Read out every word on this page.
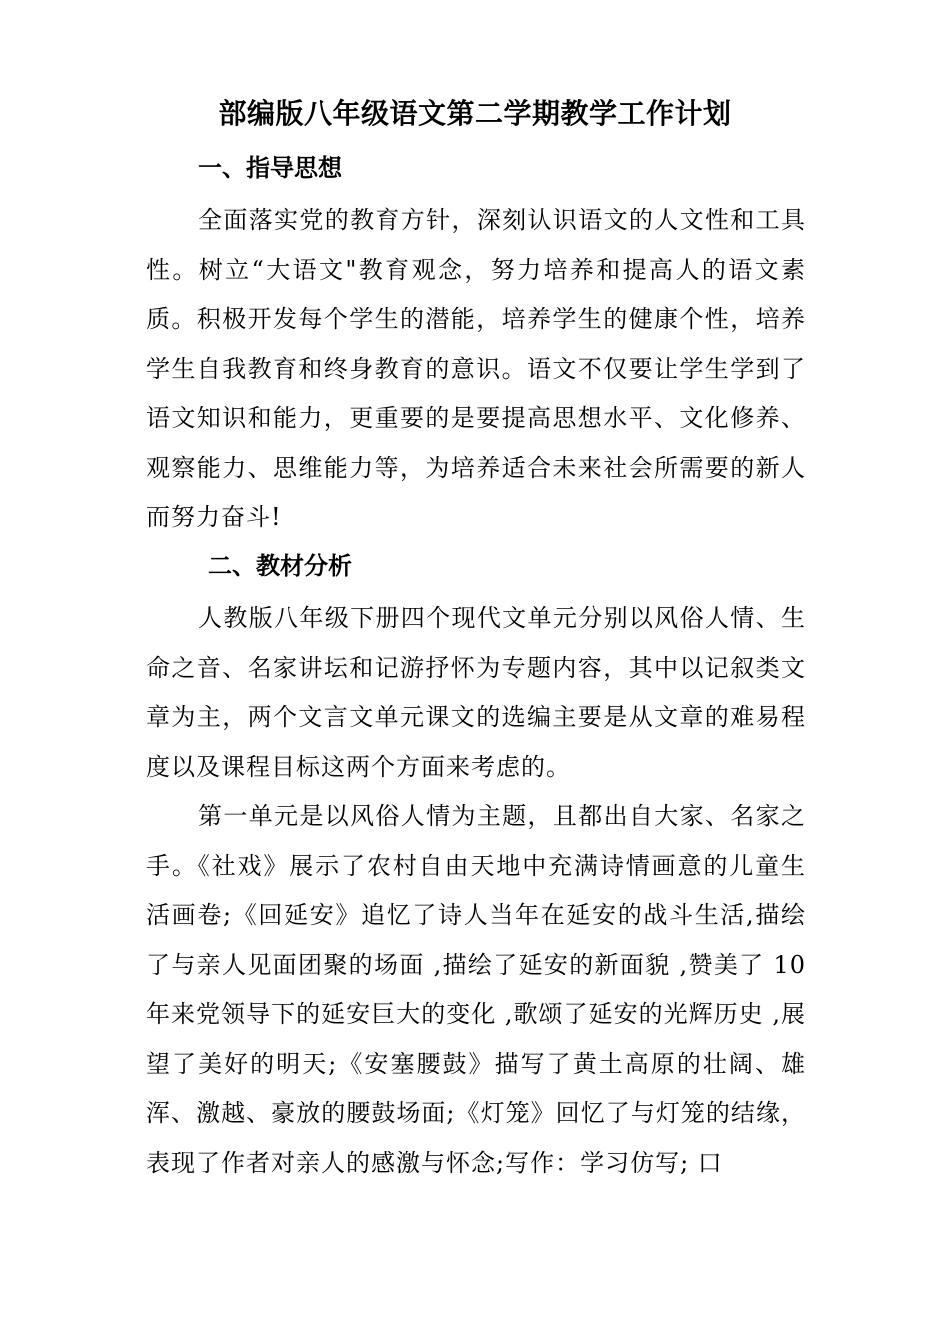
部编版八年级语文第二学期教学工作计划
一、指导思想

全面落实党的教育方针，深刻认识语文的人文性和工具性。树立“大语文"教育观念，努力培养和提高人的语文素质。积极开发每个学生的潜能，培养学生的健康个性，培养学生自我教育和终身教育的意识。语文不仅要让学生学到了语文知识和能力，更重要的是要提高思想水平、文化修养、观察能力、思维能力等，为培养适合未来社会所需要的新人而努力奋斗!

二、教材分析

人教版八年级下册四个现代文单元分别以风俗人情、生命之音、名家讲坛和记游抒怀为专题内容，其中以记叙类文章为主，两个文言文单元课文的选编主要是从文章的难易程度以及课程目标这两个方面来考虑的。

第一单元是以风俗人情为主题，且都出自大家、名家之手。《社戏》展示了农村自由天地中充满诗情画意的儿童生活画卷;《回延安》追忆了诗人当年在延安的战斗生活,描绘了与亲人见面团聚的场面 ,描绘了延安的新面貌 ,赞美了 10年来党领导下的延安巨大的变化 ,歌颂了延安的光辉历史 ,展望了美好的明天;《安塞腰鼓》描写了黄土高原的壮阔、雄浑、激越、豪放的腰鼓场面;《灯笼》回忆了与灯笼的结缘，表现了作者对亲人的感激与怀念;写作：学习仿写; 口
